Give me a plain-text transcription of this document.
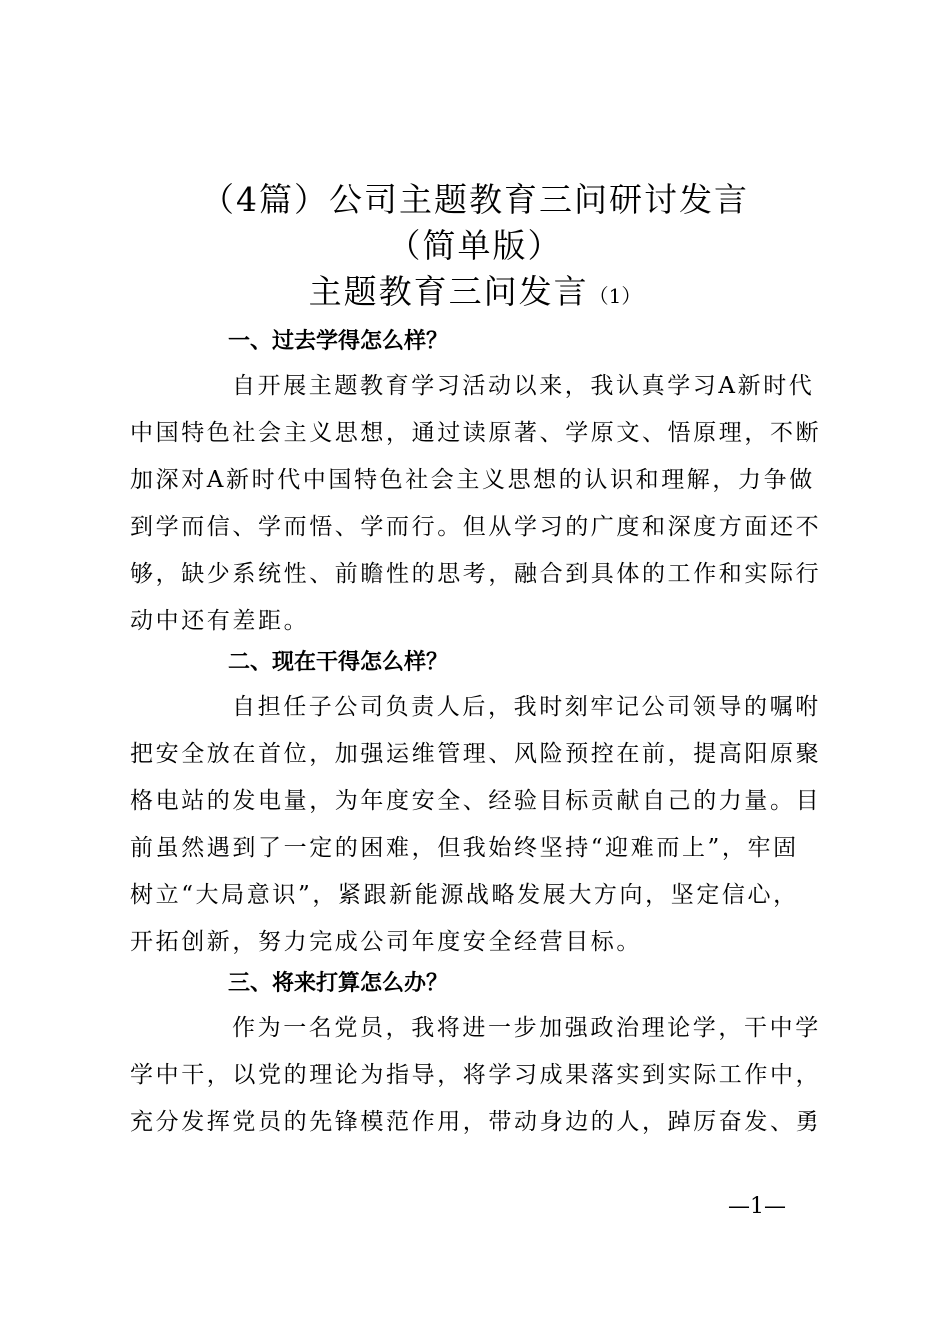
（4篇）公司主题教育三问研讨发言
（简单版）
主题教育三问发言（1）
一、过去学得怎么样？
自开展主题教育学习活动以来，我认真学习A新时代
中国特色社会主义思想，通过读原著、学原文、悟原理，不断
加深对A新时代中国特色社会主义思想的认识和理解，力争做
到学而信、学而悟、学而行。但从学习的广度和深度方面还不
够，缺少系统性、前瞻性的思考，融合到具体的工作和实际行
动中还有差距。
二、现在干得怎么样？
自担任子公司负责人后，我时刻牢记公司领导的嘱咐
把安全放在首位，加强运维管理、风险预控在前，提高阳原聚
格电站的发电量，为年度安全、经验目标贡献自己的力量。目
前虽然遇到了一定的困难，但我始终坚持“迎难而上”，牢固
树立“大局意识”，紧跟新能源战略发展大方向，坚定信心，
开拓创新，努力完成公司年度安全经营目标。
三、将来打算怎么办？
作为一名党员，我将进一步加强政治理论学，干中学
学中干，以党的理论为指导，将学习成果落实到实际工作中，
充分发挥党员的先锋模范作用，带动身边的人，踔厉奋发、勇
—1—
